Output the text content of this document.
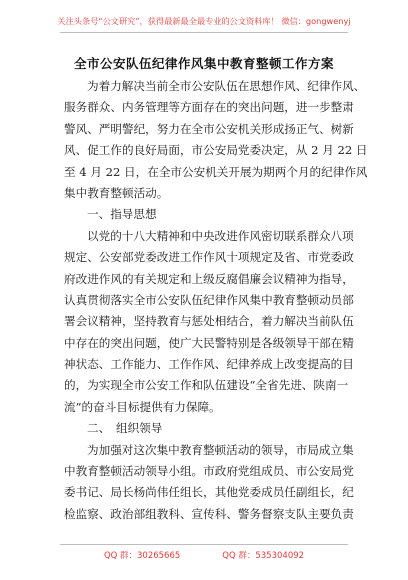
关注头条号“公文研究”，获得最新最全最专业的公文资料库！ 微信：gongwenyj
全市公安队伍纪律作风集中教育整顿工作方案
为着力解决当前全市公安队伍在思想作风、纪律作风、
服务群众、内务管理等方面存在的突出问题，进一步整肃
警风、严明警纪，努力在全市公安机关形成扬正气、树新
风、促工作的良好局面，市公安局党委决定，从 2 月 22 日
至 4 月 22 日，在全市公安机关开展为期两个月的纪律作风
集中教育整顿活动。
一、指导思想
以党的十八大精神和中央改进作风密切联系群众八项
规定、公安部党委改进工作作风十项规定及省、市党委政
府改进作风的有关规定和上级反腐倡廉会议精神为指导，
认真贯彻落实全市公安队伍纪律作风集中教育整顿动员部
署会议精神，坚持教育与惩处相结合，着力解决当前队伍
中存在的突出问题，使广大民警特别是各级领导干部在精
神状态、工作能力、工作作风、纪律养成上改变提高的目
的，为实现全市公安工作和队伍建设“全省先进、陕南一
流”的奋斗目标提供有力保障。
二、　组织领导
为加强对这次集中教育整顿活动的领导，市局成立集
中教育整顿活动领导小组。市政府党组成员、市公安局党
委书记、局长杨尚伟任组长，其他党委成员任副组长，纪
检监察、政治部组教科、宣传科、警务督察支队主要负责
QQ 群：30265665	QQ 群：535304092
